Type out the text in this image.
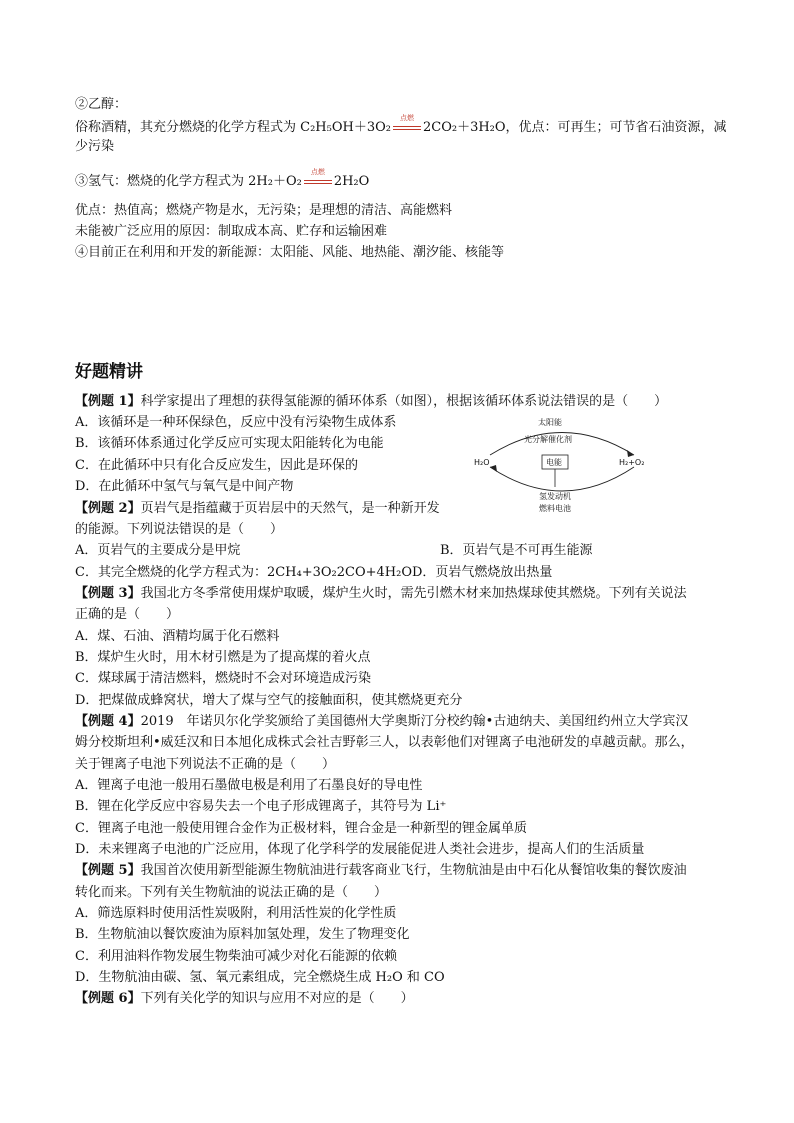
②乙醇：
俗称酒精，其充分燃烧的化学方程式为 C₂H₅OH＋3O₂
点燃
2CO₂＋3H₂O，优点：可再生；可节省石油资源，减
少污染
③氢气：燃烧的化学方程式为 2H₂＋O₂
点燃
2H₂O
优点：热值高；燃烧产物是水，无污染；是理想的清洁、高能燃料
未能被广泛应用的原因：制取成本高、贮存和运输困难
④目前正在利用和开发的新能源：太阳能、风能、地热能、潮汐能、核能等
好题精讲
【例题 1】科学家提出了理想的获得氢能源的循环体系（如图），根据该循环体系说法错误的是（　　）
A．该循环是一种环保绿色，反应中没有污染物生成体系
B．该循环体系通过化学反应可实现太阳能转化为电能
C．在此循环中只有化合反应发生，因此是环保的
D．在此循环中氢气与氧气是中间产物
太阳能
光分解催化剂
H₂O	H₂+O₂
电能
氢发动机
燃料电池
【例题 2】页岩气是指蕴藏于页岩层中的天然气，是一种新开发
的能源。下列说法错误的是（　　）
A．页岩气的主要成分是甲烷	B．页岩气是不可再生能源
C．其完全燃烧的化学方程式为：2CH₄+3O₂2CO+4H₂O D．页岩气燃烧放出热量
【例题 3】我国北方冬季常使用煤炉取暖，煤炉生火时，需先引燃木材来加热煤球使其燃烧。下列有关说法
正确的是（　　）
A．煤、石油、酒精均属于化石燃料
B．煤炉生火时，用木材引燃是为了提高煤的着火点
C．煤球属于清洁燃料，燃烧时不会对环境造成污染
D．把煤做成蜂窝状，增大了煤与空气的接触面积，使其燃烧更充分
【例题 4】2019　年诺贝尔化学奖颁给了美国德州大学奥斯汀分校约翰•古迪纳夫、美国纽约州立大学宾汉
姆分校斯坦利•威廷汉和日本旭化成株式会社吉野彰三人，以表彰他们对锂离子电池研发的卓越贡献。那么，
关于锂离子电池下列说法不正确的是（　　）
A．锂离子电池一般用石墨做电极是利用了石墨良好的导电性
B．锂在化学反应中容易失去一个电子形成锂离子，其符号为 Li⁺
C．锂离子电池一般使用锂合金作为正极材料，锂合金是一种新型的锂金属单质
D．未来锂离子电池的广泛应用，体现了化学科学的发展能促进人类社会进步，提高人们的生活质量
【例题 5】我国首次使用新型能源生物航油进行载客商业飞行，生物航油是由中石化从餐馆收集的餐饮废油
转化而来。下列有关生物航油的说法正确的是（　　）
A．筛选原料时使用活性炭吸附，利用活性炭的化学性质
B．生物航油以餐饮废油为原料加氢处理，发生了物理变化
C．利用油料作物发展生物柴油可减少对化石能源的依赖
D．生物航油由碳、氢、氧元素组成，完全燃烧生成 H₂O 和 CO
【例题 6】下列有关化学的知识与应用不对应的是（　　）
